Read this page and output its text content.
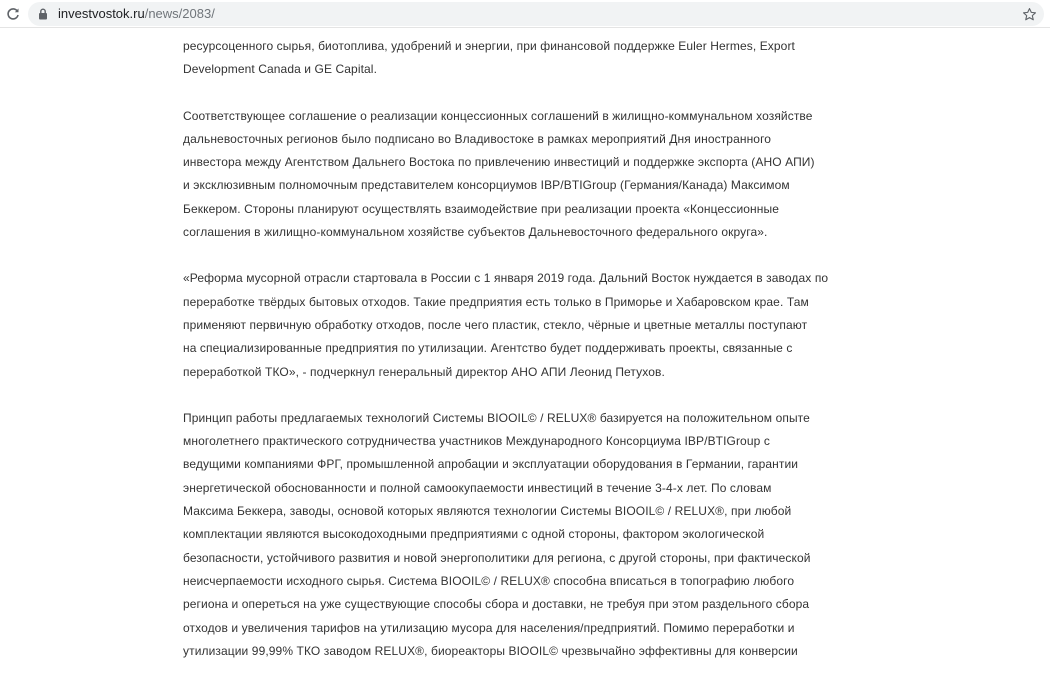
investvostok.ru/news/2083/

ресурсоценного сырья, биотоплива, удобрений и энергии, при финансовой поддержке Euler Hermes, Export
Development Canada и GE Capital.

Соответствующее соглашение о реализации концессионных соглашений в жилищно-коммунальном хозяйстве
дальневосточных регионов было подписано во Владивостоке в рамках мероприятий Дня иностранного
инвестора между Агентством Дальнего Востока по привлечению инвестиций и поддержке экспорта (АНО АПИ)
и эксклюзивным полномочным представителем консорциумов IBP/BTIGroup (Германия/Канада) Максимом
Беккером. Стороны планируют осуществлять взаимодействие при реализации проекта «Концессионные
соглашения в жилищно-коммунальном хозяйстве субъектов Дальневосточного федерального округа».

«Реформа мусорной отрасли стартовала в России с 1 января 2019 года. Дальний Восток нуждается в заводах по
переработке твёрдых бытовых отходов. Такие предприятия есть только в Приморье и Хабаровском крае. Там
применяют первичную обработку отходов, после чего пластик, стекло, чёрные и цветные металлы поступают
на специализированные предприятия по утилизации. Агентство будет поддерживать проекты, связанные с
переработкой ТКО», - подчеркнул генеральный директор АНО АПИ Леонид Петухов.

Принцип работы предлагаемых технологий Системы BIOOIL© / RELUX® базируется на положительном опыте
многолетнего практического сотрудничества участников Международного Консорциума IBP/BTIGroup с
ведущими компаниями ФРГ, промышленной апробации и эксплуатации оборудования в Германии, гарантии
энергетической обоснованности и полной самоокупаемости инвестиций в течение 3-4-х лет. По словам
Максима Беккера, заводы, основой которых являются технологии Системы BIOOIL© / RELUX®, при любой
комплектации являются высокодоходными предприятиями с одной стороны, фактором экологической
безопасности, устойчивого развития и новой энергополитики для региона, с другой стороны, при фактической
неисчерпаемости исходного сырья. Система BIOOIL© / RELUX® способна вписаться в топографию любого
региона и опереться на уже существующие способы сбора и доставки, не требуя при этом раздельного сбора
отходов и увеличения тарифов на утилизацию мусора для населения/предприятий. Помимо переработки и
утилизации 99,99% ТКО заводом RELUX®, биореакторы BIOOIL© чрезвычайно эффективны для конверсии
